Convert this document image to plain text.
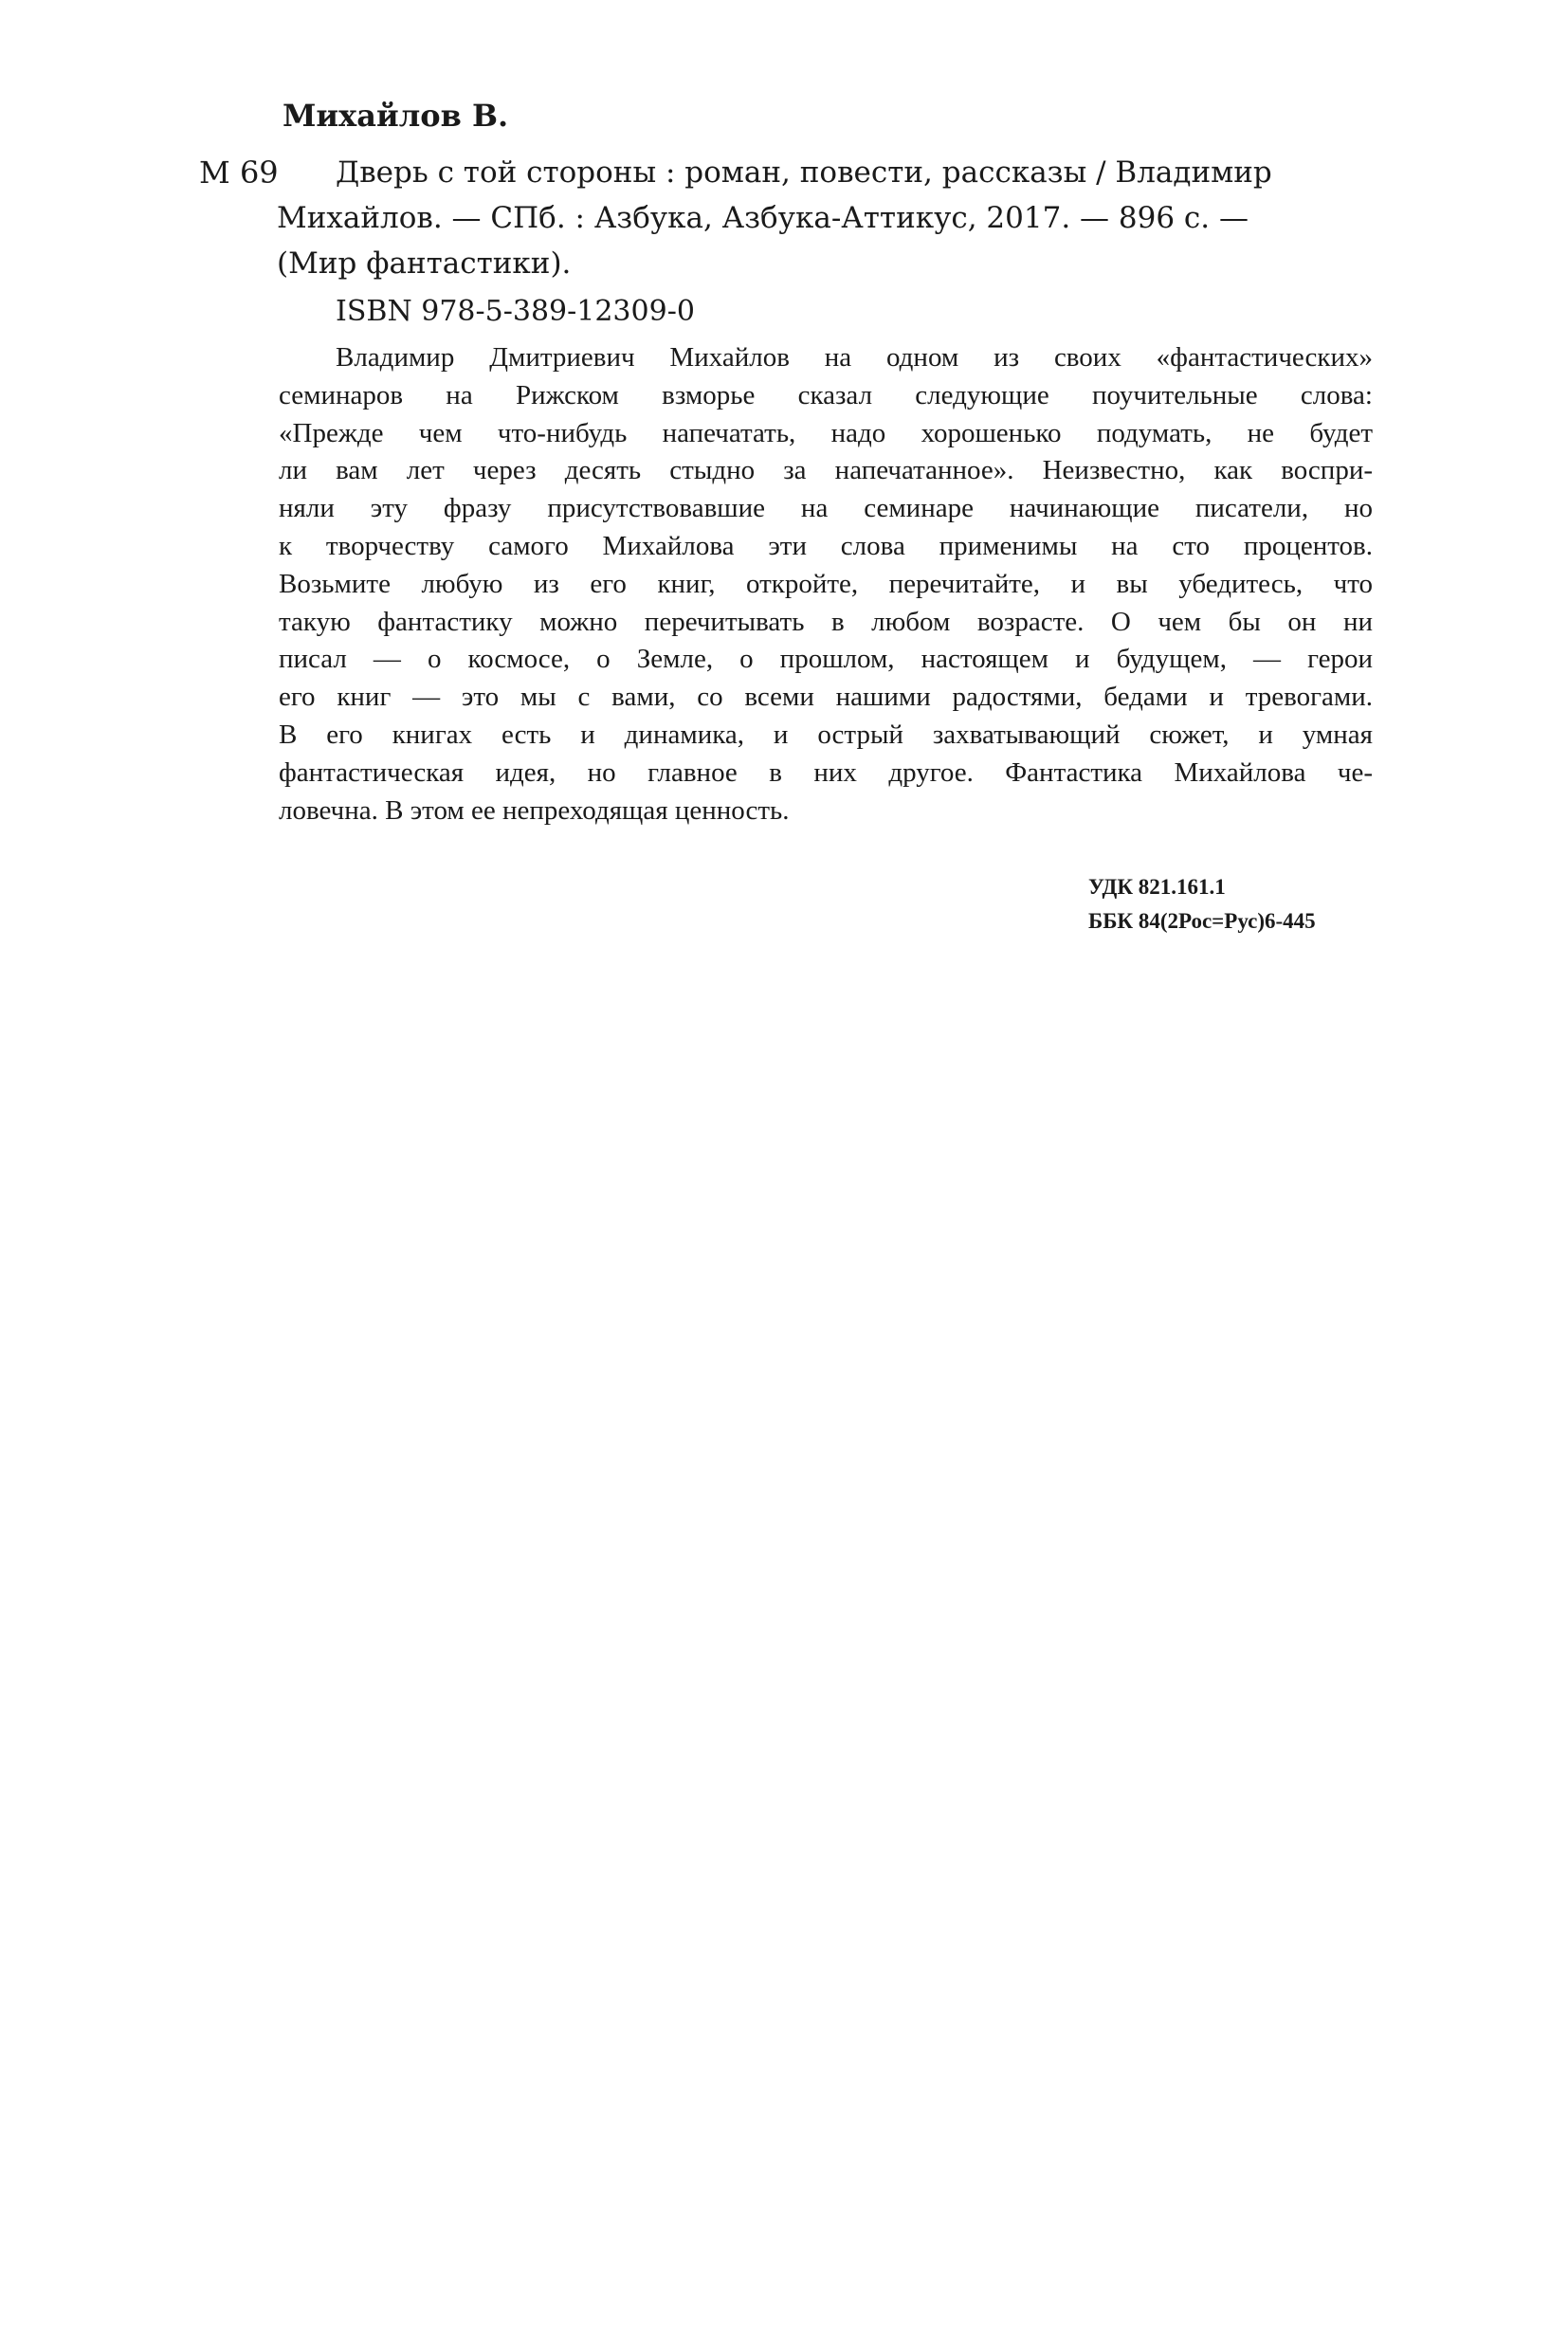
Михайлов В.
М 69 Дверь с той стороны : роман, повести, рассказы / Владимир
Михайлов. — СПб. : Азбука, Азбука-Аттикус, 2017. — 896 с. —
(Мир фантастики).
ISBN 978-5-389-12309-0
Владимир Дмитриевич Михайлов на одном из своих «фантастических»
семинаров на Рижском взморье сказал следующие поучительные слова:
«Прежде чем что-нибудь напечатать, надо хорошенько подумать, не будет
ли вам лет через десять стыдно за напечатанное». Неизвестно, как воспри-
няли эту фразу присутствовавшие на семинаре начинающие писатели, но
к творчеству самого Михайлова эти слова применимы на сто процентов.
Возьмите любую из его книг, откройте, перечитайте, и вы убедитесь, что
такую фантастику можно перечитывать в любом возрасте. О чем бы он ни
писал — о космосе, о Земле, о прошлом, настоящем и будущем, — герои
его книг — это мы с вами, со всеми нашими радостями, бедами и тревогами.
В его книгах есть и динамика, и острый захватывающий сюжет, и умная
фантастическая идея, но главное в них другое. Фантастика Михайлова че-
ловечна. В этом ее непреходящая ценность.
УДК 821.161.1
ББК 84(2Рос=Рус)6-445
